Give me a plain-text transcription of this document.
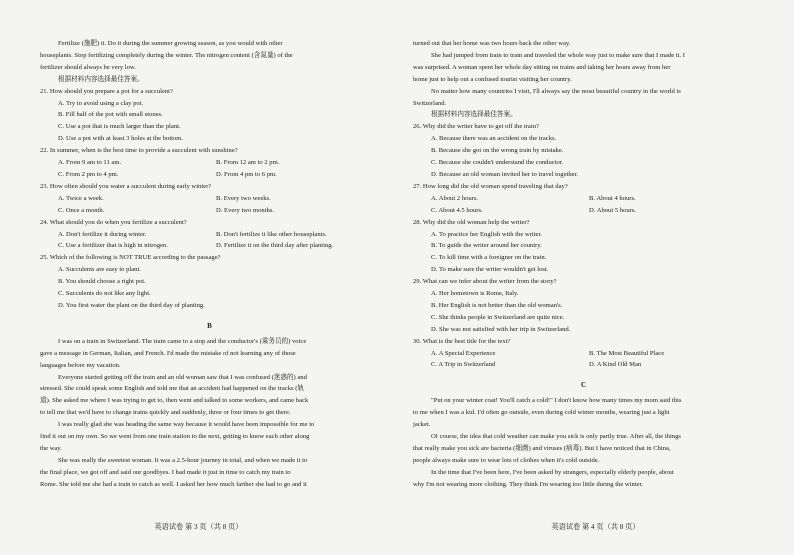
Fertilize (施肥) it. Do it during the summer growing season, as you would with other
houseplants. Stop fertilizing completely during the winter. The nitrogen content (含氮量) of the
fertilizer should always be very low.
根据材料内容选择最佳答案。
21. How should you prepare a pot for a succulent?
A. Try to avoid using a clay pot.
B. Fill half of the pot with small stones.
C. Use a pot that is much larger than the plant.
D. Use a pot with at least 3 holes at the bottom.
22. In summer, when is the best time to provide a succulent with sunshine?
A. From 9 am to 11 am.	B. From 12 am to 2 pm.
C. From 2 pm to 4 pm.	D. From 4 pm to 6 pm.
23. How often should you water a succulent during early winter?
A. Twice a week.	B. Every two weeks.
C. Once a month.	D. Every two months.
24. What should you do when you fertilize a succulent?
A. Don't fertilize it during winter.	B. Don't fertilize it like other houseplants.
C. Use a fertilizer that is high in nitrogen.	D. Fertilize it on the third day after planting.
25. Which of the following is NOT TRUE according to the passage?
A. Succulents are easy to plant.
B. You should choose a right pot.
C. Succulents do not like any light.
D. You first water the plant on the third day of planting.
B
I was on a train in Switzerland. The train came to a stop and the conductor's (乘务员的) voice
gave a message in German, Italian, and French. I'd made the mistake of not learning any of those
languages before my vacation.
Everyone started getting off the train and an old woman saw that I was confused (迷惑的) and
stressed. She could speak some English and told me that an accident had happened on the tracks (轨
道). She asked me where I was trying to get to, then went and talked to some workers, and came back
to tell me that we'd have to change trains quickly and suddenly, three or four times to get there.
I was really glad she was heading the same way because it would have been impossible for me to
find it out on my own. So we went from one train station to the next, getting to know each other along
the way.
She was really the sweetest woman. It was a 2.5-hour journey in total, and when we made it to
the final place, we got off and said our goodbyes. I had made it just in time to catch my train to
Rome. She told me she had a train to catch as well. I asked her how much farther she had to go and it
英语试卷 第 3 页（共 8 页）
turned out that her home was two hours back the other way.
She had jumped from train to train and traveled the whole way just to make sure that I made it. I
was surprised. A woman spent her whole day sitting on trains and taking her hours away from her
home just to help out a confused tourist visiting her country.
No matter how many countries I visit, I'll always say the most beautiful country in the world is
Switzerland.
根据材料内容选择最佳答案。
26. Why did the writer have to get off the train?
A. Because there was an accident on the tracks.
B. Because she got on the wrong train by mistake.
C. Because she couldn't understand the conductor.
D. Because an old woman invited her to travel together.
27. How long did the old woman spend traveling that day?
A. About 2 hours.	B. About 4 hours.
C. About 4.5 hours.	D. About 5 hours.
28. Why did the old woman help the writer?
A. To practice her English with the writer.
B. To guide the writer around her country.
C. To kill time with a foreigner on the train.
D. To make sure the writer wouldn't get lost.
29. What can we infer about the writer from the story?
A. Her hometown is Rome, Italy.
B. Her English is not better than the old woman's.
C. She thinks people in Switzerland are quite nice.
D. She was not satisfied with her trip in Switzerland.
30. What is the best title for the text?
A. A Special Experience	B. The Most Beautiful Place
C. A Trip in Switzerland	D. A Kind Old Man
C
"Put on your winter coat! You'll catch a cold!" I don't know how many times my mom said this
to me when I was a kid. I'd often go outside, even during cold winter months, wearing just a light
jacket.
Of course, the idea that cold weather can make you sick is only partly true. After all, the things
that really make you sick are bacteria (细菌) and viruses (病毒). But I have noticed that in China,
people always make sure to wear lots of clothes when it's cold outside.
In the time that I've been here, I've been asked by strangers, especially elderly people, about
why I'm not wearing more clothing. They think I'm wearing too little during the winter.
英语试卷 第 4 页（共 8 页）
